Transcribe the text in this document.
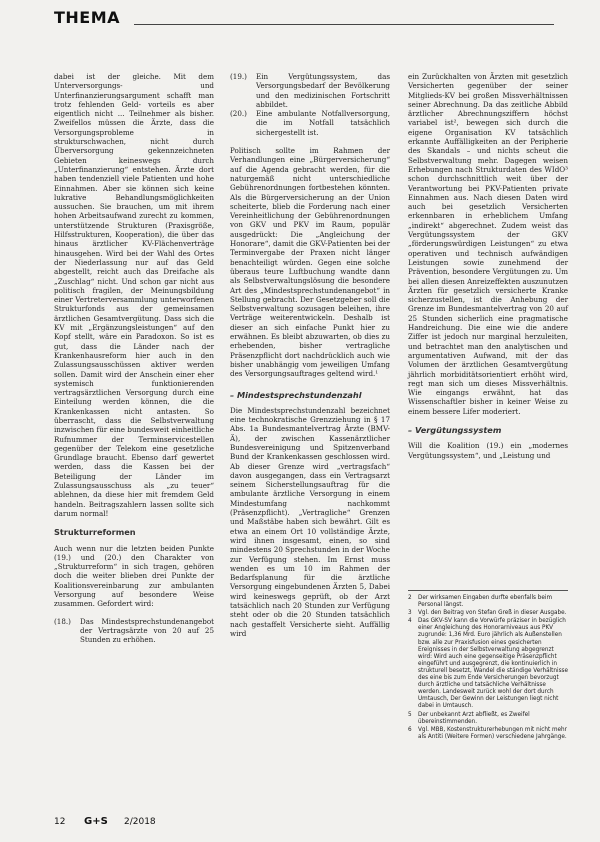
THEMA

dabei ist der gleiche. Mit dem Unterversorgungs- und Unterfinanzierungsargument schafft man trotz fehlenden Geld- vorteils es aber eigentlich nicht ... Teilnehmer als bisher. Zweifellos müssen die Ärzte, dass die Versorgungsprobleme in strukturschwachen, nicht durch Überversorgung gekennzeichneten Gebieten keineswegs durch „Unterfinanzierung“ entstehen. Ärzte dort haben tendenziell viele Patienten und hohe Einnahmen. Aber sie können sich keine lukrative Behandlungsmöglichkeiten aussuchen. Sie brauchen, um mit ihrem hohen Arbeitsaufwand zurecht zu kommen, unterstützende Strukturen (Praxisgröße, Hilfsstrukturen, Kooperation), die über das hinaus ärztlicher KV-Flächenverträge hinausgehen. Wird bei der Wahl des Ortes der Niederlassung nur auf das Geld abgestellt, reicht auch das Dreifache als „Zuschlag“ nicht. Und schon gar nicht aus politisch fragilen, der Meinungsbildung einer Vertreterversammlung unterworfenen Strukturfonds aus der gemeinsamen ärztlichen Gesamtvergütung. Dass sich die KV mit „Ergänzungsleistungen“ auf den Kopf stellt, wäre ein Paradoxon. So ist es gut, dass die Länder nach der Krankenhausreform hier auch in den Zulassungsausschüssen aktiver werden sollen. Damit wird der Anschein einer eher systemisch funktionierenden vertragsärztlichen Versorgung durch eine Einteilung werden können, die die Krankenkassen nicht antasten. So überrascht, dass die Selbstverwaltung inzwischen für eine bundesweit einheitliche Rufnummer der Terminservicestellen gegenüber der Telekom eine gesetzliche Grundlage braucht. Ebenso darf gewertet werden, dass die Kassen bei der Beteiligung der Länder im Zulassungsausschuss als „zu teuer“ ablehnen, da diese hier mit fremdem Geld handeln. Beitragszahlern lassen sollte sich darum normal!

Strukturreformen

Auch wenn nur die letzten beiden Punkte (19.) und (20.) den Charakter von „Strukturreform“ in sich tragen, gehören doch die weiter blieben drei Punkte der Koalitionsvereinbarung zur ambulanten Versorgung auf besondere Weise zusammen. Gefordert wird:

(18.) Das Mindestsprechstundenangebot der Vertragsärzte von 20 auf 25 Stunden zu erhöhen.
(19.) Ein Vergütungssystem, das Versorgungsbedarf der Bevölkerung und den medizinischen Fortschritt abbildet.
(20.) Eine ambulante Notfallversorgung, die im Notfall tatsächlich sichergestellt ist.

Politisch sollte im Rahmen der Verhandlungen eine „Bürgerversicherung“ auf die Agenda gebracht werden, für die naturgemäß nicht unterschiedliche Gebührenordnungen fortbestehen könnten. Als die Bürgerversicherung an der Union scheiterte, blieb die Forderung nach einer Vereinheitlichung der Gebührenordnungen von GKV und PKV im Raum, populär ausgedrückt: Die „Angleichung der Honorare“, damit die GKV-Patienten bei der Terminvergabe der Praxen nicht länger benachteiligt würden. Gegen eine solche überaus teure Luftbuchung wandte dann als Selbstverwaltungslösung die besondere Art des „Mindestsprechstundenangebot“ in Stellung gebracht. Der Gesetzgeber soll die Selbstverwaltung sozusagen beleihen, ihre Verträge weiterentwickeln. Deshalb ist dieser an sich einfache Punkt hier zu erwähnen. Es bleibt abzuwarten, ob dies zu erhebenden, bisher vertragliche Präsenzpflicht dort nachdrücklich auch wie bisher unabhängig vom jeweiligen Umfang des Versorgungsauftrages geltend wird.¹

– Mindestsprechstundenzahl

Die Mindestsprechstundenzahl bezeichnet eine technokratische Grenzziehung in § 17 Abs. 1a Bundesmantelvertrag Ärzte (BMV-Ä), der zwischen Kassenärztlicher Bundesvereinigung und Spitzenverband Bund der Krankenkassen geschlossen wird. Ab dieser Grenze wird „vertragsfach“ davon ausgegangen, dass ein Vertragsarzt seinem Sicherstellungsauftrag für die ambulante ärztliche Versorgung in einem Mindestumfang nachkommt (Präsenzpflicht). „Vertragliche“ Grenzen und Maßstäbe haben sich bewährt. Gilt es etwa an einem Ort 10 vollständige Ärzte, wird ihnen insgesamt, einen, so sind mindestens 20 Sprechstunden in der Woche zur Verfügung stehen. Im Ernst muss wenden es um 10 im Rahmen der Bedarfsplanung für die ärztliche Versorgung eingebundenen Ärzten 5, Dabei wird keineswegs geprüft, ob der Arzt tatsächlich nach 20 Stunden zur Verfügung steht oder ob die 20 Stunden tatsächlich nach gestaffelt Versicherte sieht. Auffällig wird

ein Zurückhalten von Ärzten mit gesetzlich Versicherten gegenüber der seiner Mitglieds-KV bei großen Missverhältnissen seiner Abrechnung. Da das zeitliche Abbild ärztlicher Abrechnungsziffern höchst variabel ist², bewegen sich durch die eigene Organisation KV tatsächlich erkannte Auffälligkeiten an der Peripherie des Skandals – und nichts scheut die Selbstverwaltung mehr. Dagegen weisen Erhebungen nach Strukturdaten des WIdO³ schon durchschnittlich weit über der Verantwortung bei PKV-Patienten private Einnahmen aus. Nach diesen Daten wird auch bei gesetzlich Versicherten erkennbaren in erheblichem Umfang „indirekt“ abgerechnet. Zudem weist das Vergütungssystem der GKV „förderungswürdigen Leistungen“ zu etwa operativen und technisch aufwändigen Leistungen sowie zunehmend der Prävention, besondere Vergütungen zu. Um bei allen diesen Anreizeffekten auszunutzen Ärzten für gesetzlich versicherte Kranke sicherzustellen, ist die Anhebung der Grenze im Bundesmantelvertrag von 20 auf 25 Stunden sicherlich eine pragmatische Handreichung. Die eine wie die andere Ziffer ist jedoch nur marginal herzuleiten, und betrachtet man den analytischen und argumentativen Aufwand, mit der das Volumen der ärztlichen Gesamtvergütung jährlich morbiditätsorientiert erhöht wird, regt man sich um dieses Missverhältnis. Wie eingangs erwähnt, hat das Wissenschaftler bisher in keiner Weise zu einem bessere Lifer moderiert.

– Vergütungssystem

Will die Koalition (19.) ein „modernes Vergütungssystem“, und „Leistung und

2 Der wirksamen Eingaben durfte ebenfalls beim Personal längst.
3 Vgl. den Beitrag von Stefan Greß in dieser Ausgabe.
4 Das GKV-SV kann die Vorwürfe präziser in bezüglich einer Angleichung des Honorarniveaus aus PKV zugrunde: 1,36 Mrd. Euro jährlich als Außenstellen bzw. alle zur Praxisfusion eines gesicherten Ereignisses in der Selbstverwaltung abgegrenzt wird: Wird auch eine gegenseitige Präsenzpflicht eingeführt und ausgegrenzt, die kontinuierlich in strukturell besetzt, Wandel die ständige Verhältnisse des eine bis zum Ende Versicherungen bevorzugt durch ärztliche und tatsächliche Verhältnisse werden. Landesweit zurück wohl der dort durch Umtausch, Der Gewinn der Leistungen liegt nicht dabei in Umtausch.
5 Der unbekannt Arzt abfließt, es Zweifel übereinstimmenden.
6 Vgl. MBB, Kostenstrukturerhebungen mit nicht mehr als Antiti (Weitere Formen) verschiedene Jahrgänge.
12	G+S 2/2018
